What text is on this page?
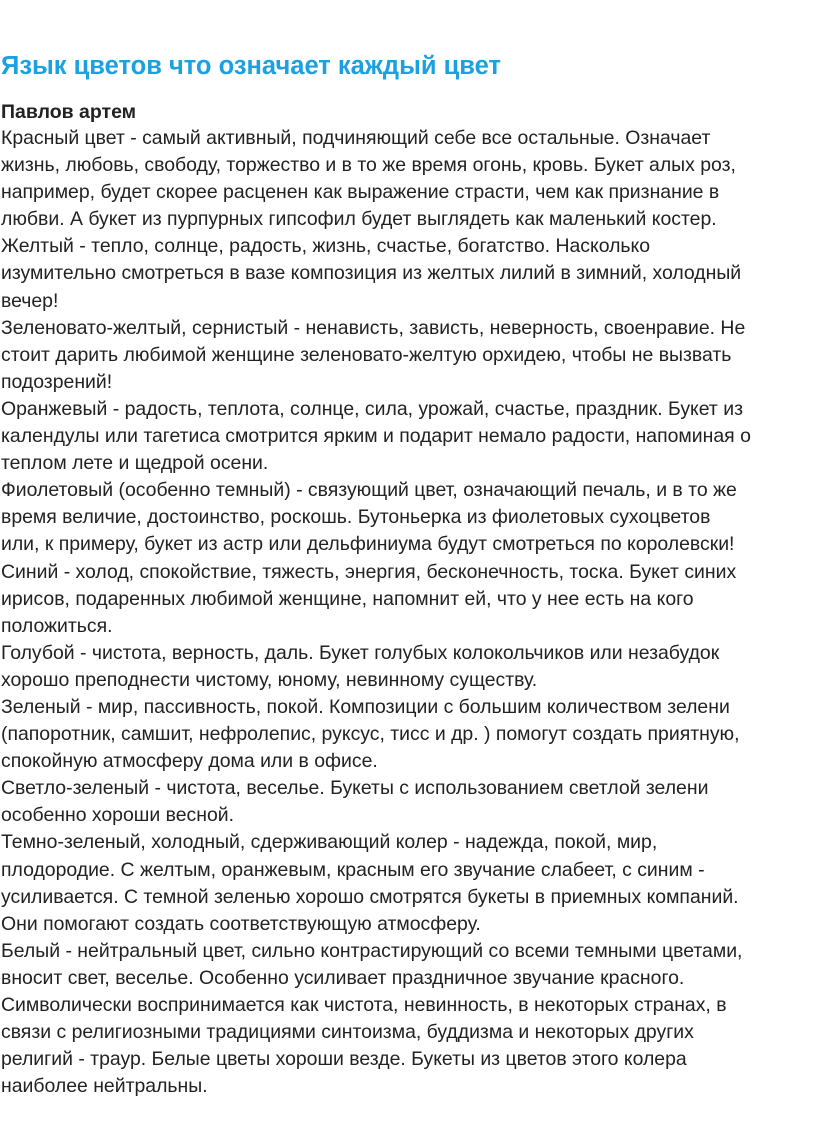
Язык цветов что означает каждый цвет
Павлов артем
Красный цвет - самый активный, подчиняющий себе все остальные. Означает
жизнь, любовь, свободу, торжество и в то же время огонь, кровь. Букет алых роз,
например, будет скорее расценен как выражение страсти, чем как признание в
любви. А букет из пурпурных гипсофил будет выглядеть как маленький костер.
Желтый - тепло, солнце, радость, жизнь, счастье, богатство. Насколько
изумительно смотреться в вазе композиция из желтых лилий в зимний, холодный
вечер!
Зеленовато-желтый, сернистый - ненависть, зависть, неверность, своенравие. Не
стоит дарить любимой женщине зеленовато-желтую орхидею, чтобы не вызвать
подозрений!
Оранжевый - радость, теплота, солнце, сила, урожай, счастье, праздник. Букет из
календулы или тагетиса смотрится ярким и подарит немало радости, напоминая о
теплом лете и щедрой осени.
Фиолетовый (особенно темный) - связующий цвет, означающий печаль, и в то же
время величие, достоинство, роскошь. Бутоньерка из фиолетовых сухоцветов
или, к примеру, букет из астр или дельфиниума будут смотреться по королевски!
Синий - холод, спокойствие, тяжесть, энергия, бесконечность, тоска. Букет синих
ирисов, подаренных любимой женщине, напомнит ей, что у нее есть на кого
положиться.
Голубой - чистота, верность, даль. Букет голубых колокольчиков или незабудок
хорошо преподнести чистому, юному, невинному существу.
Зеленый - мир, пассивность, покой. Композиции с большим количеством зелени
(папоротник, самшит, нефролепис, руксус, тисс и др. ) помогут создать приятную,
спокойную атмосферу дома или в офисе.
Светло-зеленый - чистота, веселье. Букеты с использованием светлой зелени
особенно хороши весной.
Темно-зеленый, холодный, сдерживающий колер - надежда, покой, мир,
плодородие. С желтым, оранжевым, красным его звучание слабеет, с синим -
усиливается. С темной зеленью хорошо смотрятся букеты в приемных компаний.
Они помогают создать соответствующую атмосферу.
Белый - нейтральный цвет, сильно контрастирующий со всеми темными цветами,
вносит свет, веселье. Особенно усиливает праздничное звучание красного.
Символически воспринимается как чистота, невинность, в некоторых странах, в
связи с религиозными традициями синтоизма, буддизма и некоторых других
религий - траур. Белые цветы хороши везде. Букеты из цветов этого колера
наиболее нейтральны.
